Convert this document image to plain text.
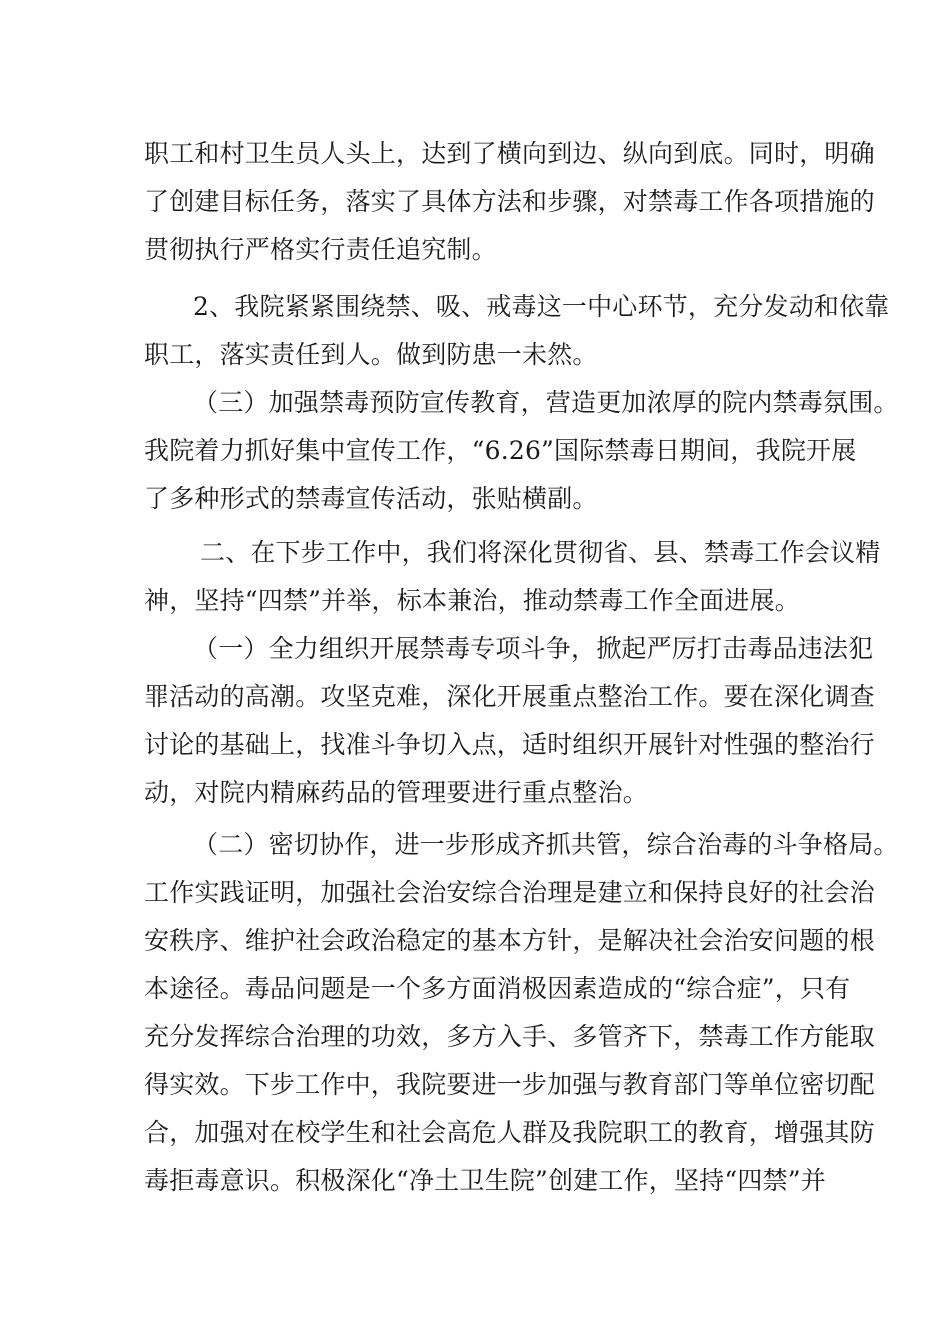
职工和村卫生员人头上，达到了横向到边、纵向到底。同时，明确
了创建目标任务，落实了具体方法和步骤，对禁毒工作各项措施的
贯彻执行严格实行责任追究制。
2、我院紧紧围绕禁、吸、戒毒这一中心环节，充分发动和依靠
职工，落实责任到人。做到防患一未然。
（三）加强禁毒预防宣传教育，营造更加浓厚的院内禁毒氛围。
我院着力抓好集中宣传工作，“6.26”国际禁毒日期间，我院开展
了多种形式的禁毒宣传活动，张贴横副。
二、在下步工作中，我们将深化贯彻省、县、禁毒工作会议精
神，坚持“四禁”并举，标本兼治，推动禁毒工作全面进展。
（一）全力组织开展禁毒专项斗争，掀起严厉打击毒品违法犯
罪活动的高潮。攻坚克难，深化开展重点整治工作。要在深化调查
讨论的基础上，找准斗争切入点，适时组织开展针对性强的整治行
动，对院内精麻药品的管理要进行重点整治。
（二）密切协作，进一步形成齐抓共管，综合治毒的斗争格局。
工作实践证明，加强社会治安综合治理是建立和保持良好的社会治
安秩序、维护社会政治稳定的基本方针，是解决社会治安问题的根
本途径。毒品问题是一个多方面消极因素造成的“综合症”，只有
充分发挥综合治理的功效，多方入手、多管齐下，禁毒工作方能取
得实效。下步工作中，我院要进一步加强与教育部门等单位密切配
合，加强对在校学生和社会高危人群及我院职工的教育，增强其防
毒拒毒意识。积极深化“净土卫生院”创建工作，坚持“四禁”并
